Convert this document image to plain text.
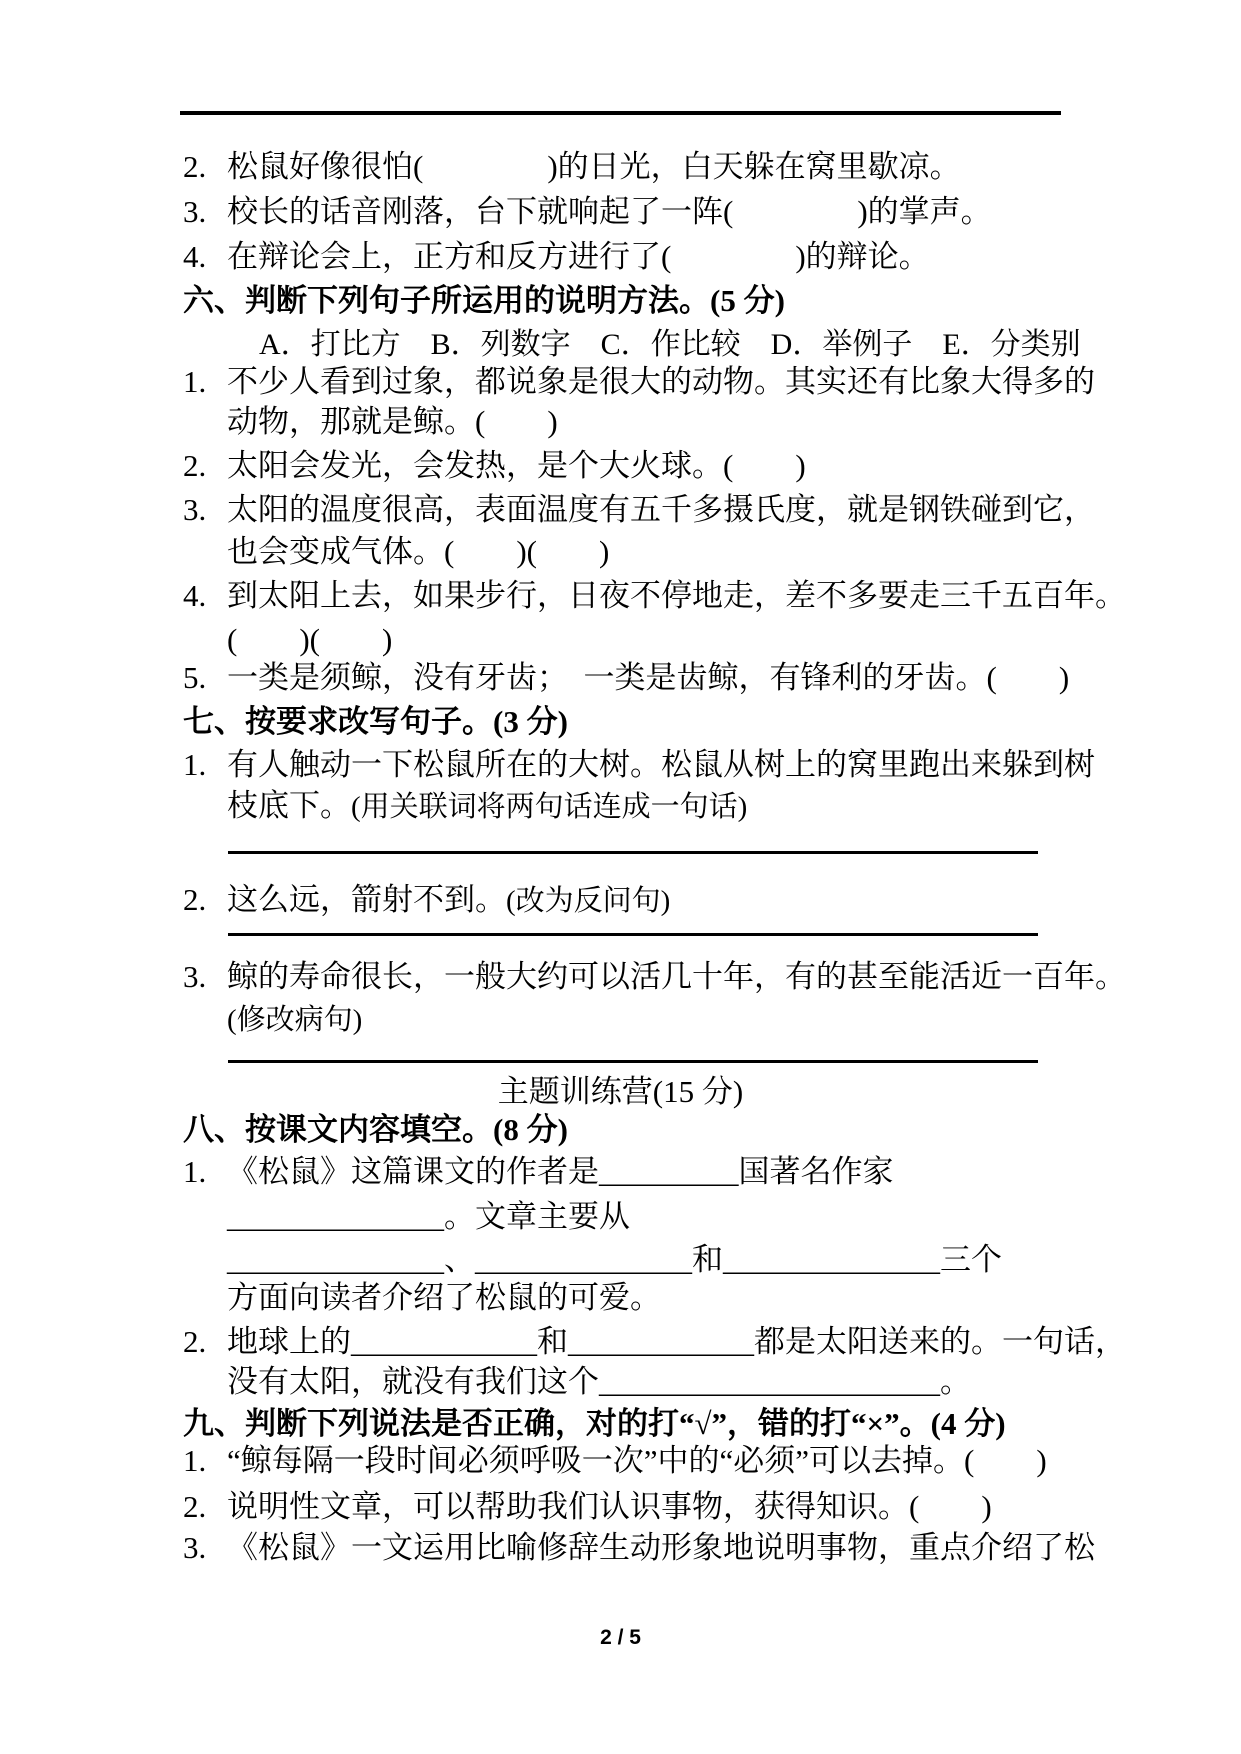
2. 松鼠好像很怕(　　　　)的日光，白天躲在窝里歇凉。
3. 校长的话音刚落，台下就响起了一阵(　　　　)的掌声。
4. 在辩论会上，正方和反方进行了(　　　　)的辩论。
六、判断下列句子所运用的说明方法。(5 分)
A．打比方　B．列数字　C．作比较　D．举例子　E．分类别
1. 不少人看到过象，都说象是很大的动物。其实还有比象大得多的
动物，那就是鲸。(　　)
2. 太阳会发光，会发热，是个大火球。(　　)
3. 太阳的温度很高，表面温度有五千多摄氏度，就是钢铁碰到它，
也会变成气体。(　　)(　　)
4. 到太阳上去，如果步行，日夜不停地走，差不多要走三千五百年。
(　　)(　　)
5. 一类是须鲸，没有牙齿；　一类是齿鲸，有锋利的牙齿。(　　)
七、按要求改写句子。(3 分)
1. 有人触动一下松鼠所在的大树。松鼠从树上的窝里跑出来躲到树
枝底下。(用关联词将两句话连成一句话)
2. 这么远，箭射不到。(改为反问句)
3. 鲸的寿命很长，一般大约可以活几十年，有的甚至能活近一百年。
(修改病句)
主题训练营(15 分)
八、按课文内容填空。(8 分)
1. 《松鼠》这篇课文的作者是_________国著名作家
______________。文章主要从
______________、______________和______________三个
方面向读者介绍了松鼠的可爱。
2. 地球上的____________和____________都是太阳送来的。一句话，
没有太阳，就没有我们这个______________________。
九、判断下列说法是否正确，对的打“√”，错的打“×”。(4 分)
1. “鲸每隔一段时间必须呼吸一次”中的“必须”可以去掉。(　　)
2. 说明性文章，可以帮助我们认识事物，获得知识。(　　)
3. 《松鼠》一文运用比喻修辞生动形象地说明事物，重点介绍了松
2 / 5
